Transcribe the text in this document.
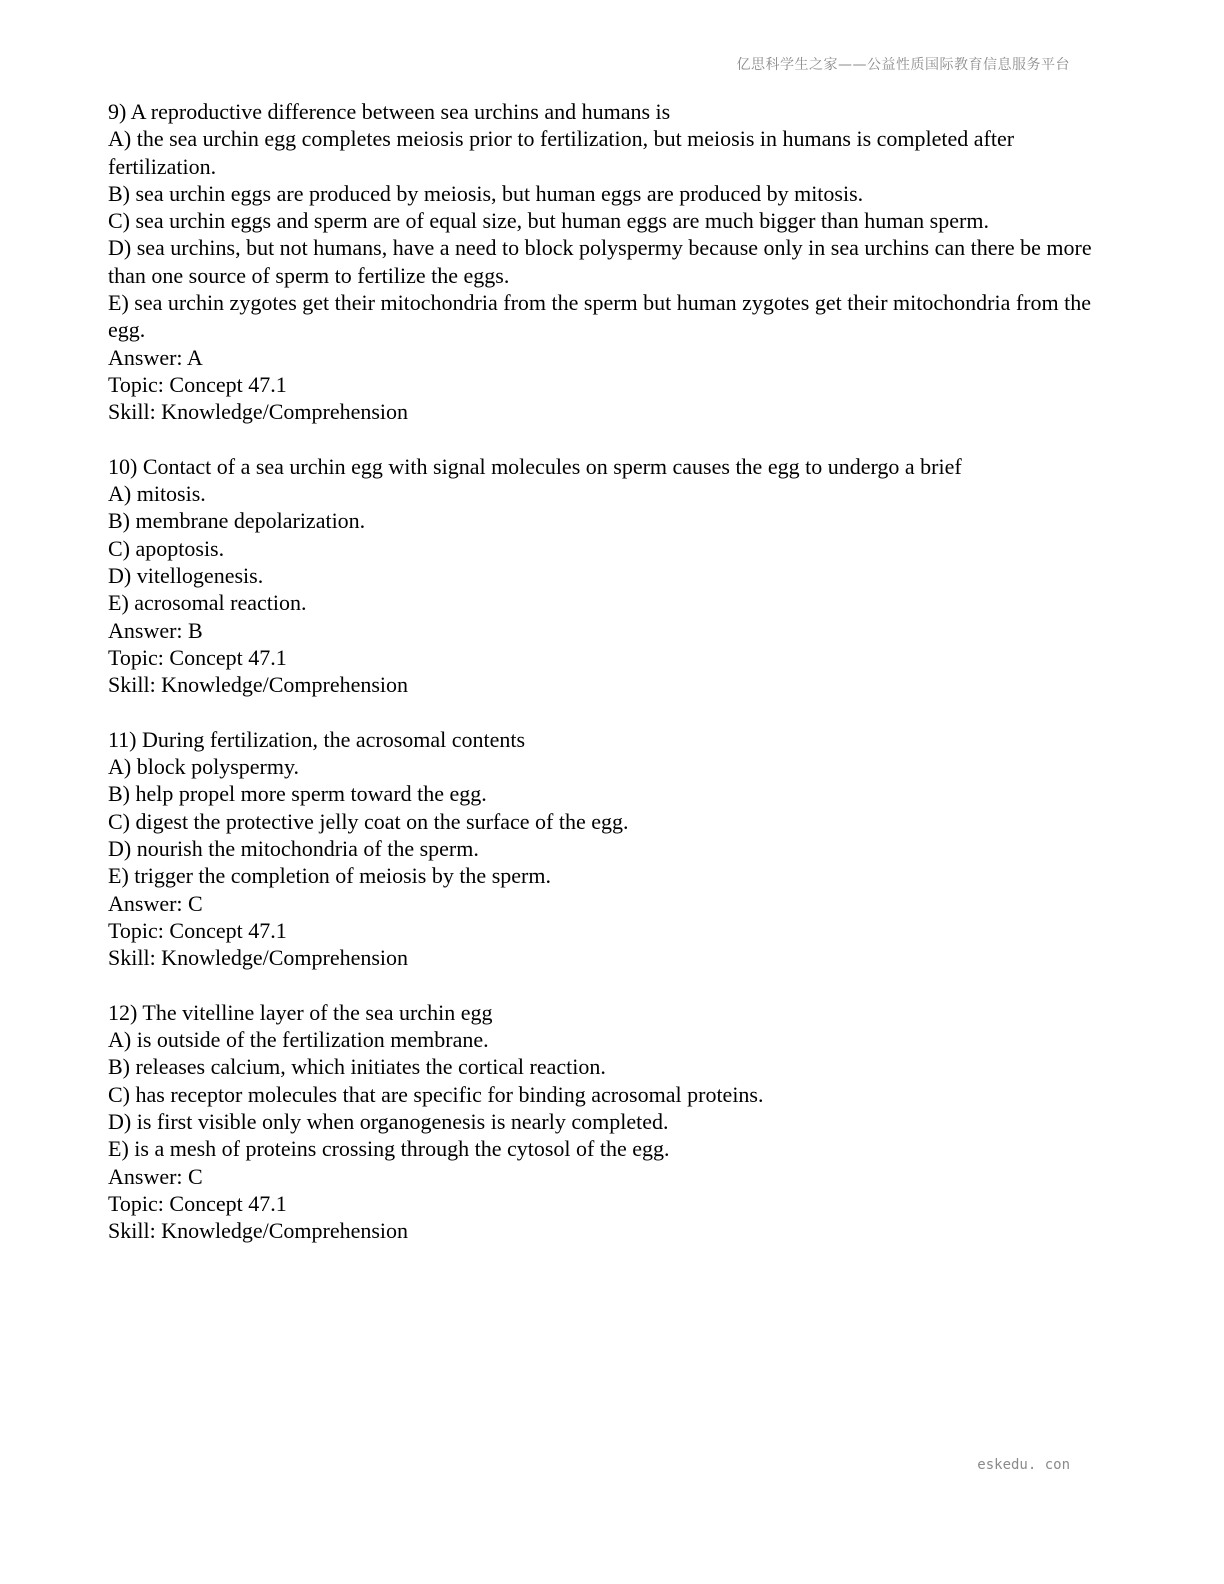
亿思科学生之家——公益性质国际教育信息服务平台
9) A reproductive difference between sea urchins and humans is
A) the sea urchin egg completes meiosis prior to fertilization, but meiosis in humans is completed after fertilization.
B) sea urchin eggs are produced by meiosis, but human eggs are produced by mitosis.
C) sea urchin eggs and sperm are of equal size, but human eggs are much bigger than human sperm.
D) sea urchins, but not humans, have a need to block polyspermy because only in sea urchins can there be more than one source of sperm to fertilize the eggs.
E) sea urchin zygotes get their mitochondria from the sperm but human zygotes get their mitochondria from the egg.
Answer: A
Topic: Concept 47.1
Skill: Knowledge/Comprehension
10) Contact of a sea urchin egg with signal molecules on sperm causes the egg to undergo a brief
A) mitosis.
B) membrane depolarization.
C) apoptosis.
D) vitellogenesis.
E) acrosomal reaction.
Answer: B
Topic: Concept 47.1
Skill: Knowledge/Comprehension
11) During fertilization, the acrosomal contents
A) block polyspermy.
B) help propel more sperm toward the egg.
C) digest the protective jelly coat on the surface of the egg.
D) nourish the mitochondria of the sperm.
E) trigger the completion of meiosis by the sperm.
Answer: C
Topic: Concept 47.1
Skill: Knowledge/Comprehension
12) The vitelline layer of the sea urchin egg
A) is outside of the fertilization membrane.
B) releases calcium, which initiates the cortical reaction.
C) has receptor molecules that are specific for binding acrosomal proteins.
D) is first visible only when organogenesis is nearly completed.
E) is a mesh of proteins crossing through the cytosol of the egg.
Answer: C
Topic: Concept 47.1
Skill: Knowledge/Comprehension
eskedu. con
